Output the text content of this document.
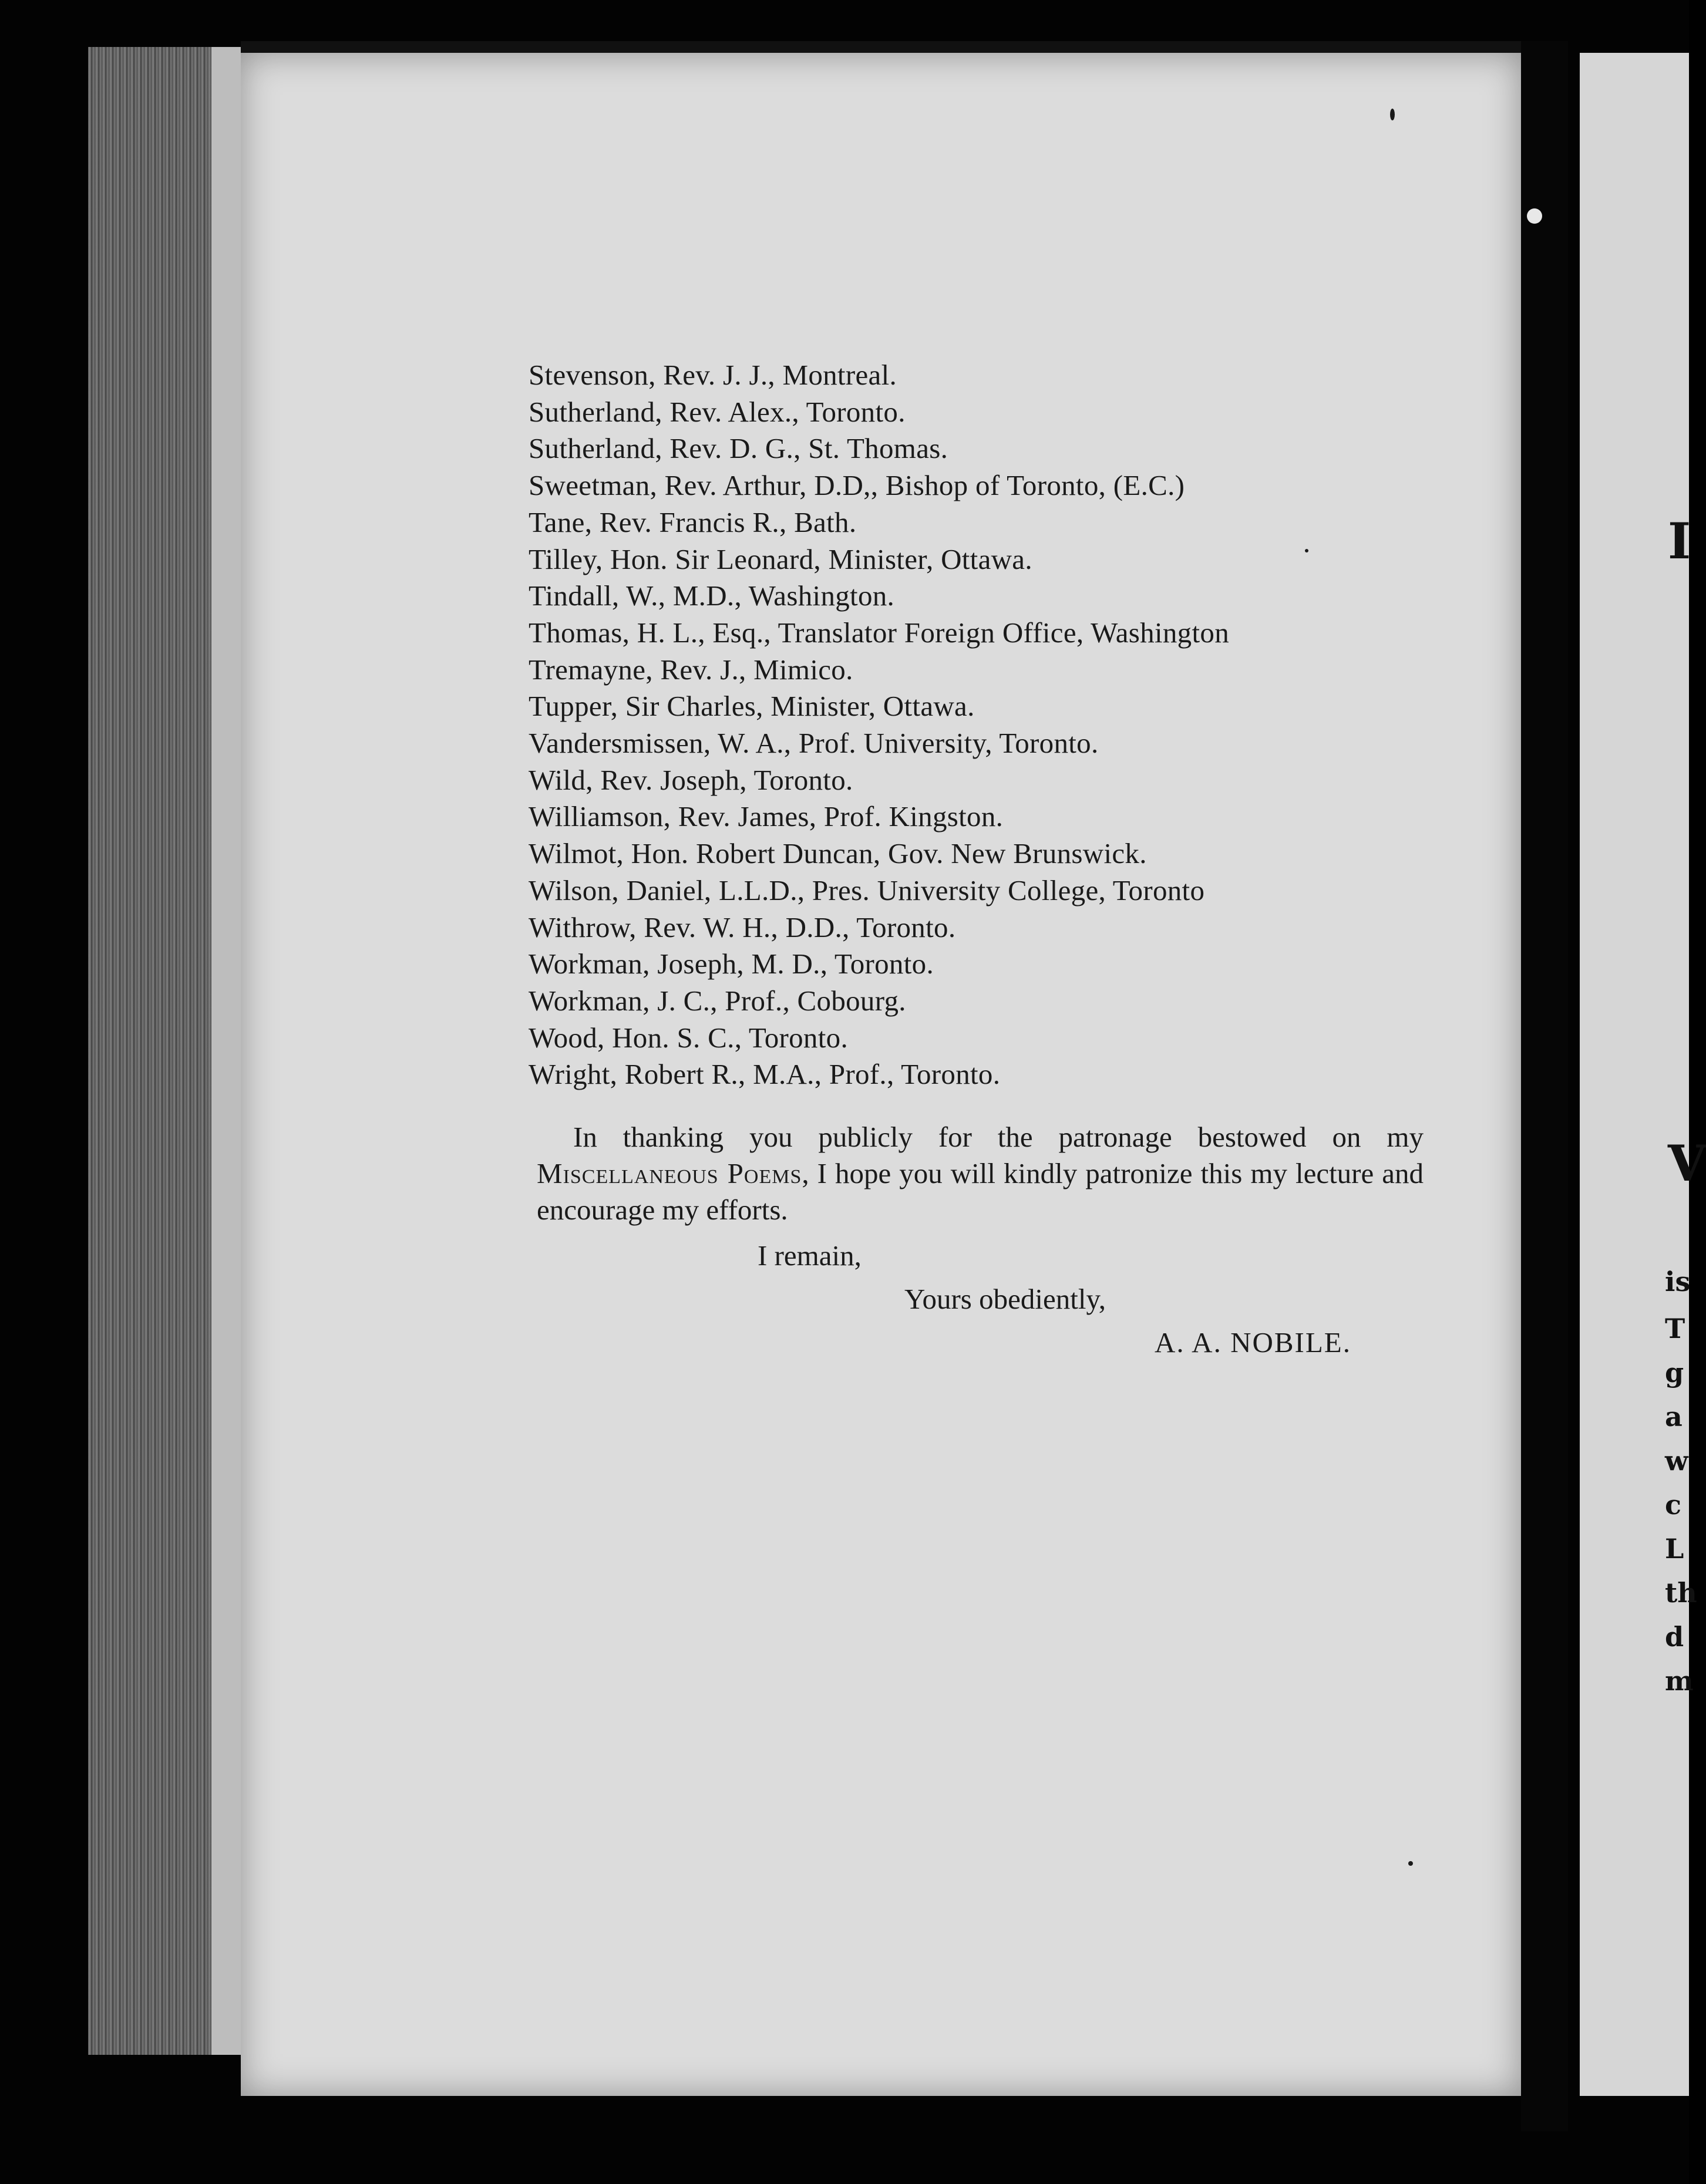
I
V
is
T
g
a
w
c
L
th
d
m
Stevenson, Rev. J. J., Montreal.
Sutherland, Rev. Alex., Toronto.
Sutherland, Rev. D. G., St. Thomas.
Sweetman, Rev. Arthur, D.D,, Bishop of Toronto, (E.C.)
Tane, Rev. Francis R., Bath.
Tilley, Hon. Sir Leonard, Minister, Ottawa.
Tindall, W., M.D., Washington.
Thomas, H. L., Esq., Translator Foreign Office, Washington
Tremayne, Rev. J., Mimico.
Tupper, Sir Charles, Minister, Ottawa.
Vandersmissen, W. A., Prof. University, Toronto.
Wild, Rev. Joseph, Toronto.
Williamson, Rev. James, Prof. Kingston.
Wilmot, Hon. Robert Duncan, Gov. New Brunswick.
Wilson, Daniel, L.L.D., Pres. University College, Toronto
Withrow, Rev. W. H., D.D., Toronto.
Workman, Joseph, M. D., Toronto.
Workman, J. C., Prof., Cobourg.
Wood, Hon. S. C., Toronto.
Wright, Robert R., M.A., Prof., Toronto.

In thanking you publicly for the patronage bestowed on my Miscellaneous Poems, I hope you will kindly patronize this my lecture and encourage my efforts.

I remain,
Yours obediently,
A. A. NOBILE.
